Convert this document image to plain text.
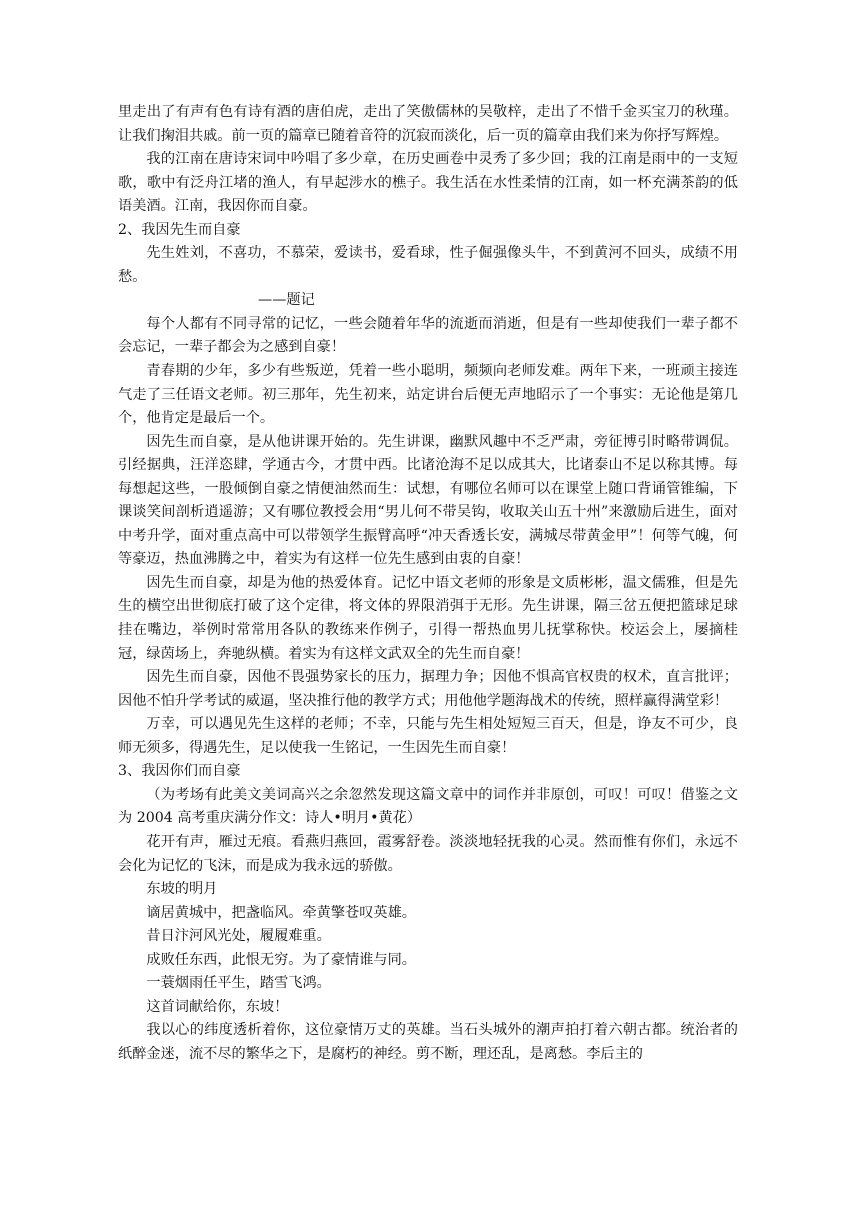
里走出了有声有色有诗有酒的唐伯虎，走出了笑傲儒林的吴敬梓，走出了不惜千金买宝刀的秋瑾。让我们掬泪共戚。前一页的篇章已随着音符的沉寂而淡化，后一页的篇章由我们来为你抒写辉煌。

我的江南在唐诗宋词中吟唱了多少章，在历史画卷中灵秀了多少回；我的江南是雨中的一支短歌，歌中有泛舟江堵的渔人，有早起涉水的樵子。我生活在水性柔情的江南，如一杯充满茶韵的低语美酒。江南，我因你而自豪。

2、我因先生而自豪

先生姓刘，不喜功，不慕荣，爱读书，爱看球，性子倔强像头牛，不到黄河不回头，成绩不用愁。

——题记

每个人都有不同寻常的记忆，一些会随着年华的流逝而消逝，但是有一些却使我们一辈子都不会忘记，一辈子都会为之感到自豪！

青春期的少年，多少有些叛逆，凭着一些小聪明，频频向老师发难。两年下来，一班顽主接连气走了三任语文老师。初三那年，先生初来，站定讲台后便无声地昭示了一个事实：无论他是第几个，他肯定是最后一个。

因先生而自豪，是从他讲课开始的。先生讲课，幽默风趣中不乏严肃，旁征博引时略带调侃。引经据典，汪洋恣肆，学通古今，才贯中西。比诸沧海不足以成其大，比诸泰山不足以称其博。每每想起这些，一股倾倒自豪之情便油然而生：试想，有哪位名师可以在课堂上随口背诵管锥编，下课谈笑间剖析逍遥游；又有哪位教授会用“男儿何不带吴钩，收取关山五十州”来激励后进生，面对中考升学，面对重点高中可以带领学生振臂高呼“冲天香透长安，满城尽带黄金甲”！何等气魄，何等豪迈，热血沸腾之中，着实为有这样一位先生感到由衷的自豪！

因先生而自豪，却是为他的热爱体育。记忆中语文老师的形象是文质彬彬，温文儒雅，但是先生的横空出世彻底打破了这个定律，将文体的界限消弭于无形。先生讲课，隔三岔五便把篮球足球挂在嘴边，举例时常常用各队的教练来作例子，引得一帮热血男儿抚掌称快。校运会上，屡摘桂冠，绿茵场上，奔驰纵横。着实为有这样文武双全的先生而自豪！

因先生而自豪，因他不畏强势家长的压力，据理力争；因他不惧高官权贵的权术，直言批评；因他不怕升学考试的威逼，坚决推行他的教学方式；用他他学题海战术的传统，照样赢得满堂彩！

万幸，可以遇见先生这样的老师；不幸，只能与先生相处短短三百天，但是，诤友不可少，良师无须多，得遇先生，足以使我一生铭记，一生因先生而自豪！

3、我因你们而自豪

（为考场有此美文美词高兴之余忽然发现这篇文章中的词作并非原创，可叹！可叹！借鉴之文为 2004 高考重庆满分作文：诗人•明月•黄花）

花开有声，雁过无痕。看燕归燕回，霞雾舒卷。淡淡地轻抚我的心灵。然而惟有你们，永远不会化为记忆的飞沫，而是成为我永远的骄傲。

东坡的明月

谪居黄城中，把盏临风。牵黄擎苍叹英雄。

昔日汴河风光处，履履难重。

成败任东西，此恨无穷。为了豪情谁与同。

一蓑烟雨任平生，踏雪飞鸿。

这首词献给你，东坡！

我以心的纬度透析着你，这位豪情万丈的英雄。当石头城外的潮声拍打着六朝古都。统治者的纸醉金迷，流不尽的繁华之下，是腐朽的神经。剪不断，理还乱，是离愁。李后主的
